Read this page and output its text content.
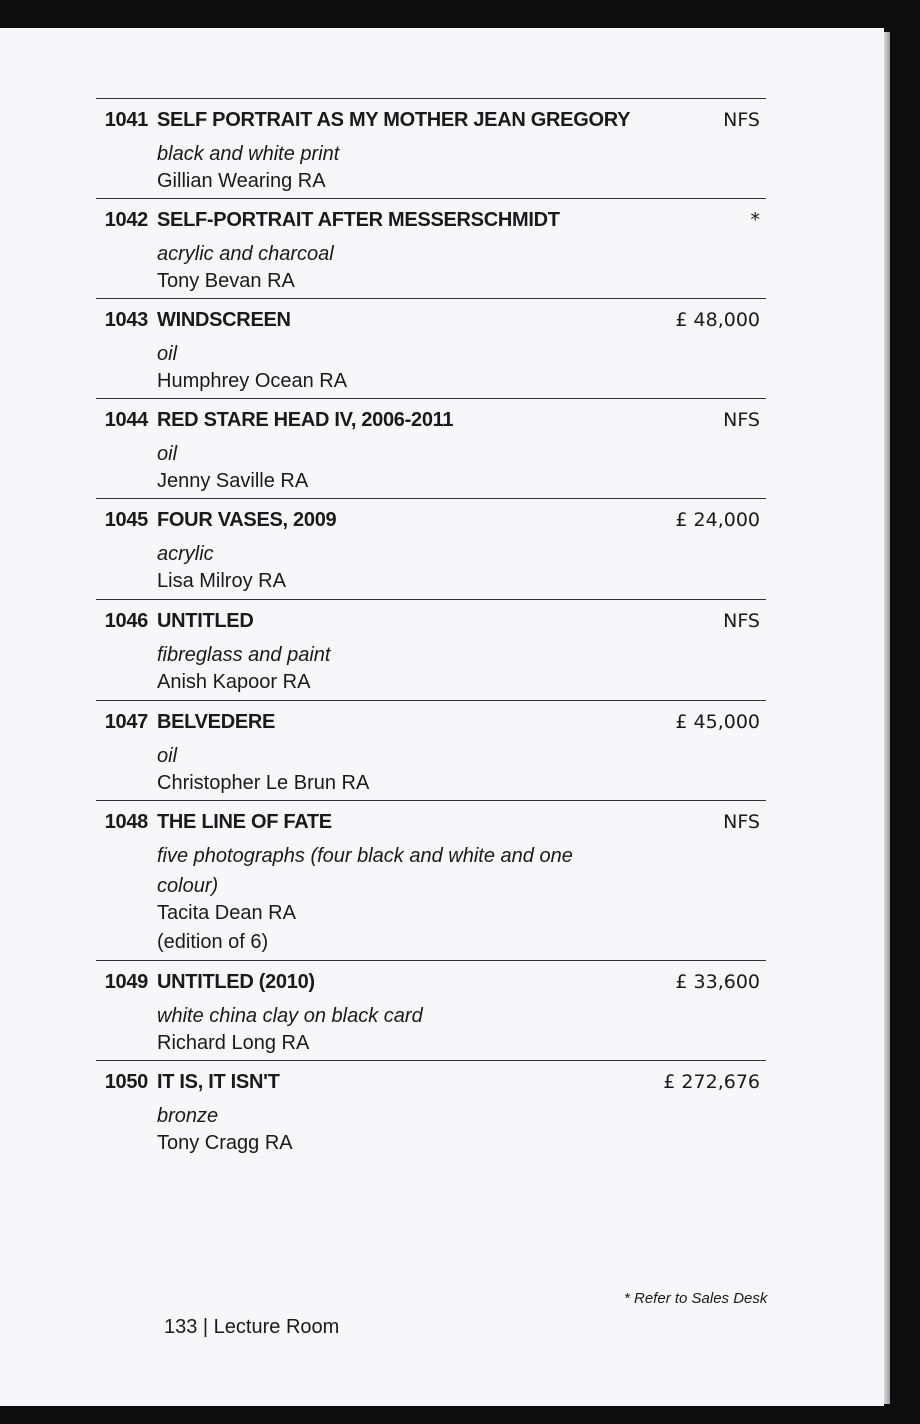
1041 SELF PORTRAIT AS MY MOTHER JEAN GREGORY	NFS
black and white print
Gillian Wearing RA
1042 SELF-PORTRAIT AFTER MESSERSCHMIDT	*
acrylic and charcoal
Tony Bevan RA
1043 WINDSCREEN	£ 48,000
oil
Humphrey Ocean RA
1044 RED STARE HEAD IV, 2006-2011	NFS
oil
Jenny Saville RA
1045 FOUR VASES, 2009	£ 24,000
acrylic
Lisa Milroy RA
1046 UNTITLED	NFS
fibreglass and paint
Anish Kapoor RA
1047 BELVEDERE	£ 45,000
oil
Christopher Le Brun RA
1048 THE LINE OF FATE	NFS
five photographs (four black and white and one colour)
Tacita Dean RA
(edition of 6)
1049 UNTITLED (2010)	£ 33,600
white china clay on black card
Richard Long RA
1050 IT IS, IT ISN'T	£ 272,676
bronze
Tony Cragg RA
* Refer to Sales Desk
133 | Lecture Room
